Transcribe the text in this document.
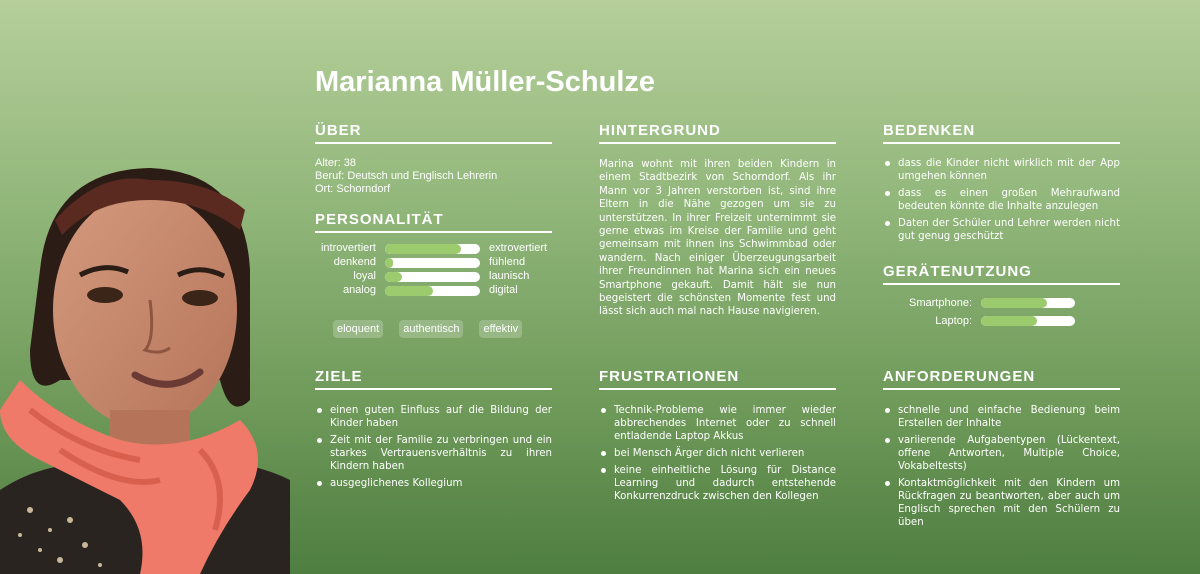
Marianna Müller-Schulze
ÜBER

Alter: 38

Beruf: Deutsch und Englisch Lehrerin

Ort: Schorndorf

PERSONALITÄT
introvertiert	extrovertiert
denkend	fühlend
loyal	launisch
analog	digital
eloquent	authentisch	effektiv
HINTERGRUND

Marina wohnt mit ihren beiden Kindern in einem Stadtbezirk von Schorndorf. Als ihr Mann vor 3 Jahren verstorben ist, sind ihre Eltern in die Nähe gezogen um sie zu unterstützen. In ihrer Freizeit unternimmt sie gerne etwas im Kreise der Familie und geht gemeinsam mit ihnen ins Schwimmbad oder wandern. Nach einiger Überzeugungsarbeit ihrer Freundinnen hat Marina sich ein neues Smartphone gekauft. Damit hält sie nun begeistert die schönsten Momente fest und lässt sich auch mal nach Hause navigieren.

BEDENKEN
dass die Kinder nicht wirklich mit der App umgehen können
dass es einen großen Mehraufwand bedeuten könnte die Inhalte anzulegen
Daten der Schüler und Lehrer werden nicht gut genug geschützt
GERÄTENUTZUNG
Smartphone:
Laptop:
ZIELE
einen guten Einfluss auf die Bildung der Kinder haben
Zeit mit der Familie zu verbringen und ein starkes Vertrauensverhältnis zu ihren Kindern haben
ausgeglichenes Kollegium
FRUSTRATIONEN
Technik-Probleme wie immer wieder abbrechendes Internet oder zu schnell entladende Laptop Akkus
bei Mensch Ärger dich nicht verlieren
keine einheitliche Lösung für Distance Learning und dadurch entstehende Konkurrenzdruck zwischen den Kollegen
ANFORDERUNGEN
schnelle und einfache Bedienung beim Erstellen der Inhalte
variierende Aufgabentypen (Lückentext, offene Antworten, Multiple Choice, Vokabeltests)
Kontaktmöglichkeit mit den Kindern um Rückfragen zu beantworten, aber auch um Englisch sprechen mit den Schülern zu üben
